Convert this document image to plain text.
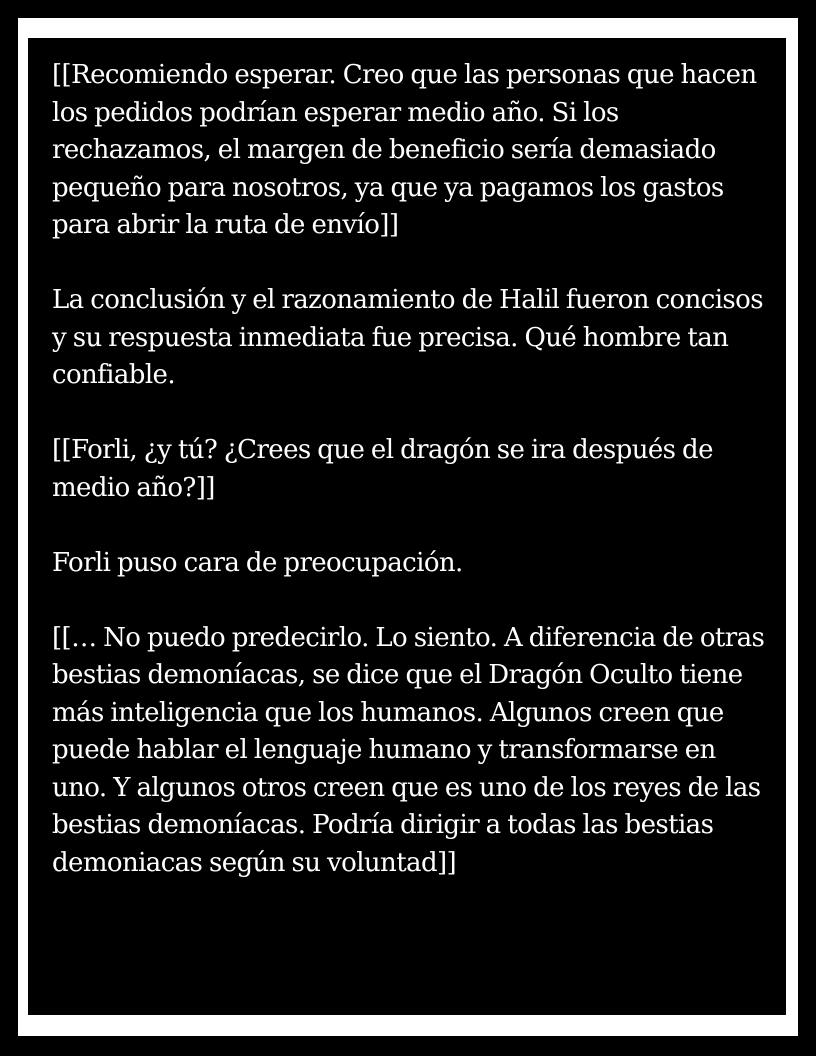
[[Recomiendo esperar. Creo que las personas que hacen los pedidos podrían esperar medio año. Si los rechazamos, el margen de beneficio sería demasiado pequeño para nosotros, ya que ya pagamos los gastos para abrir la ruta de envío]]

La conclusión y el razonamiento de Halil fueron concisos y su respuesta inmediata fue precisa. Qué hombre tan confiable.

[[Forli, ¿y tú? ¿Crees que el dragón se ira después de medio año?]]

Forli puso cara de preocupación.

[[… No puedo predecirlo. Lo siento. A diferencia de otras bestias demoníacas, se dice que el Dragón Oculto tiene más inteligencia que los humanos. Algunos creen que puede hablar el lenguaje humano y transformarse en uno. Y algunos otros creen que es uno de los reyes de las bestias demoníacas. Podría dirigir a todas las bestias demoniacas según su voluntad]]
